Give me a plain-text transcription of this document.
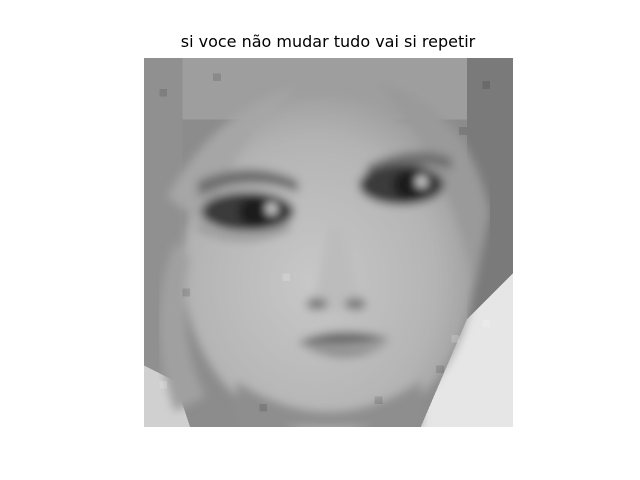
si voce não mudar tudo vai si repetir
